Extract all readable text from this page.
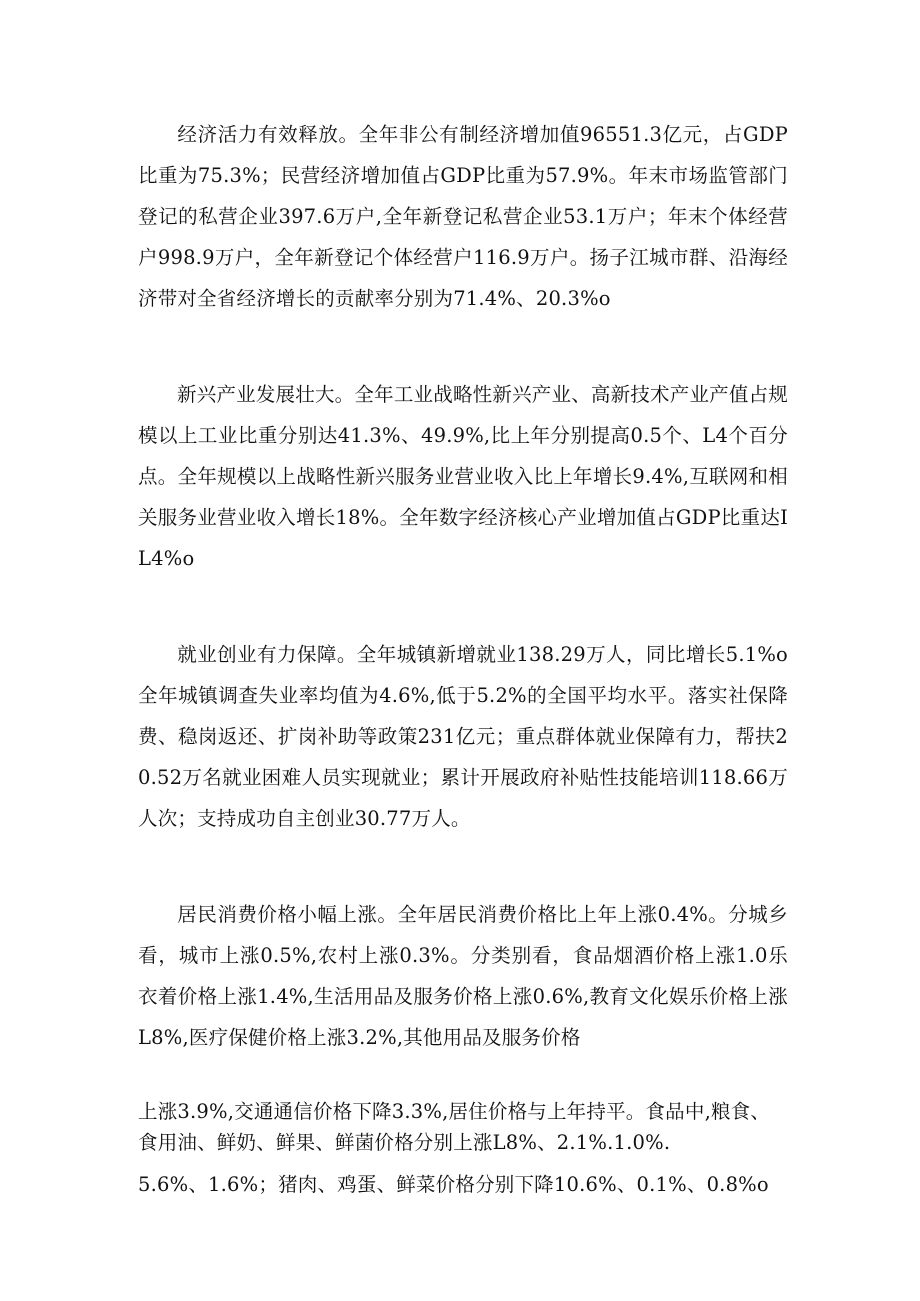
经济活力有效释放。全年非公有制经济增加值96551.3亿元，占GDP比重为75.3%；民营经济增加值占GDP比重为57.9%。年末市场监管部门登记的私营企业397.6万户,全年新登记私营企业53.1万户；年末个体经营户998.9万户，全年新登记个体经营户116.9万户。扬子江城市群、沿海经济带对全省经济增长的贡献率分别为71.4%、20.3%o

新兴产业发展壮大。全年工业战略性新兴产业、高新技术产业产值占规模以上工业比重分别达41.3%、49.9%,比上年分别提高0.5个、L4个百分点。全年规模以上战略性新兴服务业营业收入比上年增长9.4%,互联网和相关服务业营业收入增长18%。全年数字经济核心产业增加值占GDP比重达IL4%o

就业创业有力保障。全年城镇新增就业138.29万人，同比增长5.1%o全年城镇调查失业率均值为4.6%,低于5.2%的全国平均水平。落实社保降费、稳岗返还、扩岗补助等政策231亿元；重点群体就业保障有力，帮扶20.52万名就业困难人员实现就业；累计开展政府补贴性技能培训118.66万人次；支持成功自主创业30.77万人。

居民消费价格小幅上涨。全年居民消费价格比上年上涨0.4%。分城乡看，城市上涨0.5%,农村上涨0.3%。分类别看，食品烟酒价格上涨1.0乐衣着价格上涨1.4%,生活用品及服务价格上涨0.6%,教育文化娱乐价格上涨L8%,医疗保健价格上涨3.2%,其他用品及服务价格

上涨3.9%,交通通信价格下降3.3%,居住价格与上年持平。食品中,粮食、

食用油、鲜奶、鲜果、鲜菌价格分别上涨L8%、2.1%.1.0%.

5.6%、1.6%；猪肉、鸡蛋、鲜菜价格分别下降10.6%、0.1%、0.8%o
